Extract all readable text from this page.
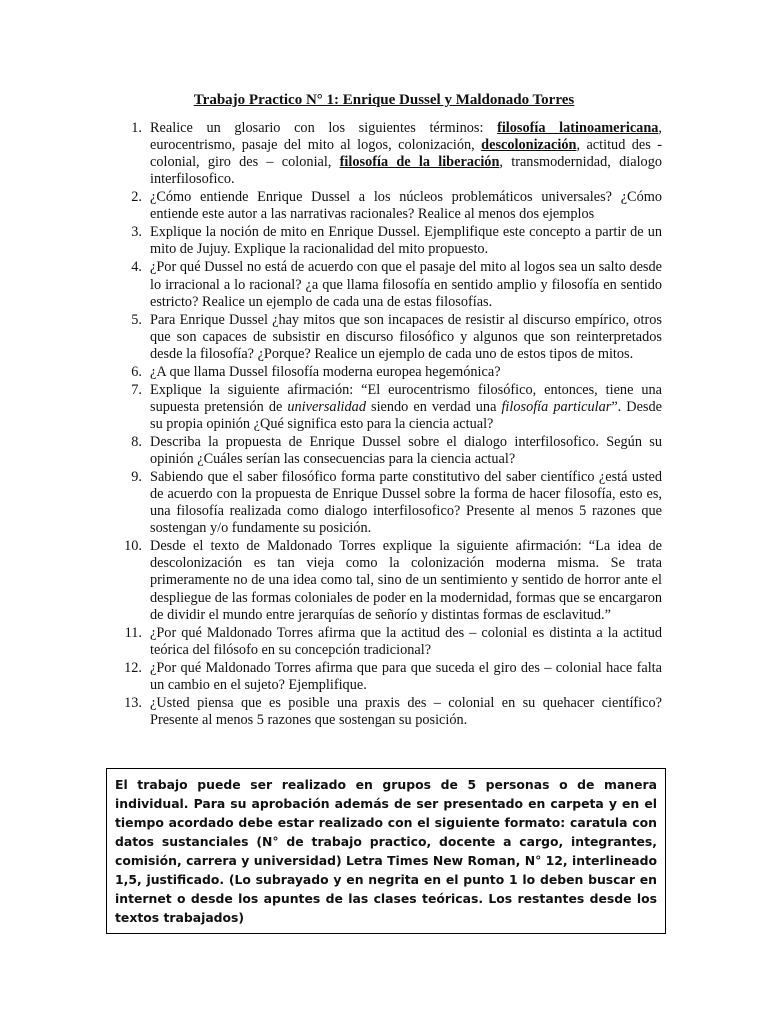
Trabajo Practico N° 1: Enrique Dussel y Maldonado Torres
1. Realice un glosario con los siguientes términos: filosofía latinoamericana, eurocentrismo, pasaje del mito al logos, colonización, descolonización, actitud des - colonial, giro des – colonial, filosofía de la liberación, transmodernidad, dialogo interfilosofico.
2. ¿Cómo entiende Enrique Dussel a los núcleos problemáticos universales? ¿Cómo entiende este autor a las narrativas racionales? Realice al menos dos ejemplos
3. Explique la noción de mito en Enrique Dussel. Ejemplifique este concepto a partir de un mito de Jujuy. Explique la racionalidad del mito propuesto.
4. ¿Por qué Dussel no está de acuerdo con que el pasaje del mito al logos sea un salto desde lo irracional a lo racional? ¿a que llama filosofía en sentido amplio y filosofía en sentido estricto? Realice un ejemplo de cada una de estas filosofías.
5. Para Enrique Dussel ¿hay mitos que son incapaces de resistir al discurso empírico, otros que son capaces de subsistir en discurso filosófico y algunos que son reinterpretados desde la filosofía? ¿Porque? Realice un ejemplo de cada uno de estos tipos de mitos.
6. ¿A que llama Dussel filosofía moderna europea hegemónica?
7. Explique la siguiente afirmación: “El eurocentrismo filosófico, entonces, tiene una supuesta pretensión de universalidad siendo en verdad una filosofía particular”. Desde su propia opinión ¿Qué significa esto para la ciencia actual?
8. Describa la propuesta de Enrique Dussel sobre el dialogo interfilosofico. Según su opinión ¿Cuáles serían las consecuencias para la ciencia actual?
9. Sabiendo que el saber filosófico forma parte constitutivo del saber científico ¿está usted de acuerdo con la propuesta de Enrique Dussel sobre la forma de hacer filosofía, esto es, una filosofía realizada como dialogo interfilosofico? Presente al menos 5 razones que sostengan y/o fundamente su posición.
10. Desde el texto de Maldonado Torres explique la siguiente afirmación: “La idea de descolonización es tan vieja como la colonización moderna misma. Se trata primeramente no de una idea como tal, sino de un sentimiento y sentido de horror ante el despliegue de las formas coloniales de poder en la modernidad, formas que se encargaron de dividir el mundo entre jerarquías de señorío y distintas formas de esclavitud.”
11. ¿Por qué Maldonado Torres afirma que la actitud des – colonial es distinta a la actitud teórica del filósofo en su concepción tradicional?
12. ¿Por qué Maldonado Torres afirma que para que suceda el giro des – colonial hace falta un cambio en el sujeto? Ejemplifique.
13. ¿Usted piensa que es posible una praxis des – colonial en su quehacer científico? Presente al menos 5 razones que sostengan su posición.
El trabajo puede ser realizado en grupos de 5 personas o de manera individual. Para su aprobación además de ser presentado en carpeta y en el tiempo acordado debe estar realizado con el siguiente formato: caratula con datos sustanciales (N° de trabajo practico, docente a cargo, integrantes, comisión, carrera y universidad) Letra Times New Roman, N° 12, interlineado 1,5, justificado. (Lo subrayado y en negrita en el punto 1 lo deben buscar en internet o desde los apuntes de las clases teóricas. Los restantes desde los textos trabajados)
